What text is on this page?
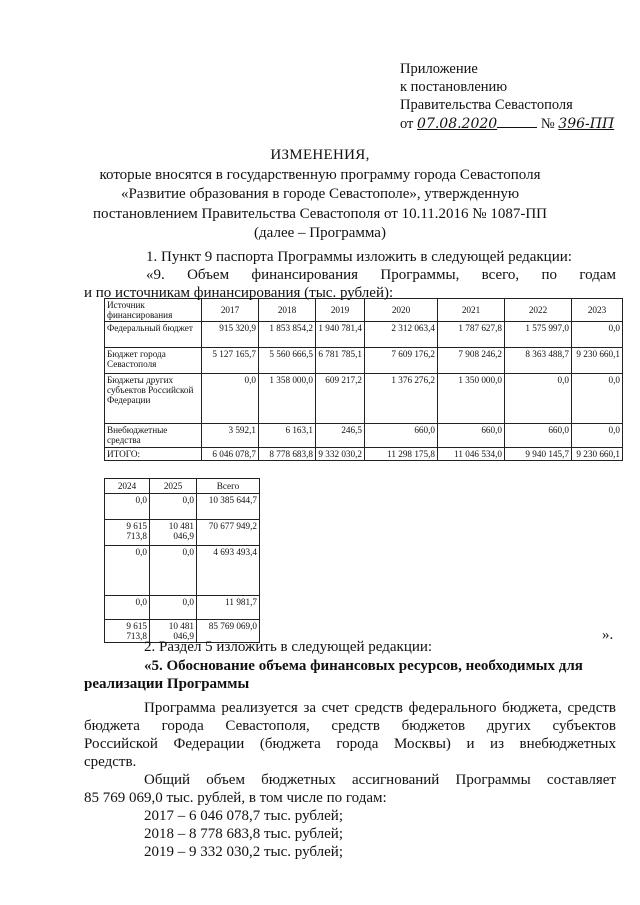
Приложение
к постановлению
Правительства Севастополя
от 07.08.2020	№ 396-ПП
ИЗМЕНЕНИЯ,
которые вносятся в государственную программу города Севастополя
«Развитие образования в городе Севастополе», утвержденную
постановлением Правительства Севастополя от 10.11.2016 № 1087-ПП
(далее – Программа)
1. Пункт 9 паспорта Программы изложить в следующей редакции:
«9. Объем финансирования Программы, всего, по годам
и по источникам финансирования (тыс. рублей):
Источник финансирования	2017	2018	2019	2020	2021	2022	2023
Федеральный бюджет	915 320,9	1 853 854,2	1 940 781,4	2 312 063,4	1 787 627,8	1 575 997,0	0,0
Бюджет города Севастополя	5 127 165,7	5 560 666,5	6 781 785,1	7 609 176,2	7 908 246,2	8 363 488,7	9 230 660,1
Бюджеты других субъектов Российской Федерации	0,0	1 358 000,0	609 217,2	1 376 276,2	1 350 000,0	0,0	0,0
Внебюджетные средства	3 592,1	6 163,1	246,5	660,0	660,0	660,0	0,0
ИТОГО:	6 046 078,7	8 778 683,8	9 332 030,2	11 298 175,8	11 046 534,0	9 940 145,7	9 230 660,1
2024	2025	Всего
0,0	0,0	10 385 644,7
9 615 713,8	10 481 046,9	70 677 949,2
0,0	0,0	4 693 493,4
0,0	0,0	11 981,7
9 615 713,8	10 481 046,9	85 769 069,0
».
2. Раздел 5 изложить в следующей редакции:
«5. Обоснование объема финансовых ресурсов, необходимых для
реализации Программы
Программа реализуется за счет средств федерального бюджета, средств
бюджета города Севастополя, средств бюджетов других субъектов
Российской Федерации (бюджета города Москвы) и из внебюджетных
средств.
Общий объем бюджетных ассигнований Программы составляет
85 769 069,0 тыс. рублей, в том числе по годам:
2017 – 6 046 078,7 тыс. рублей;
2018 – 8 778 683,8 тыс. рублей;
2019 – 9 332 030,2 тыс. рублей;
